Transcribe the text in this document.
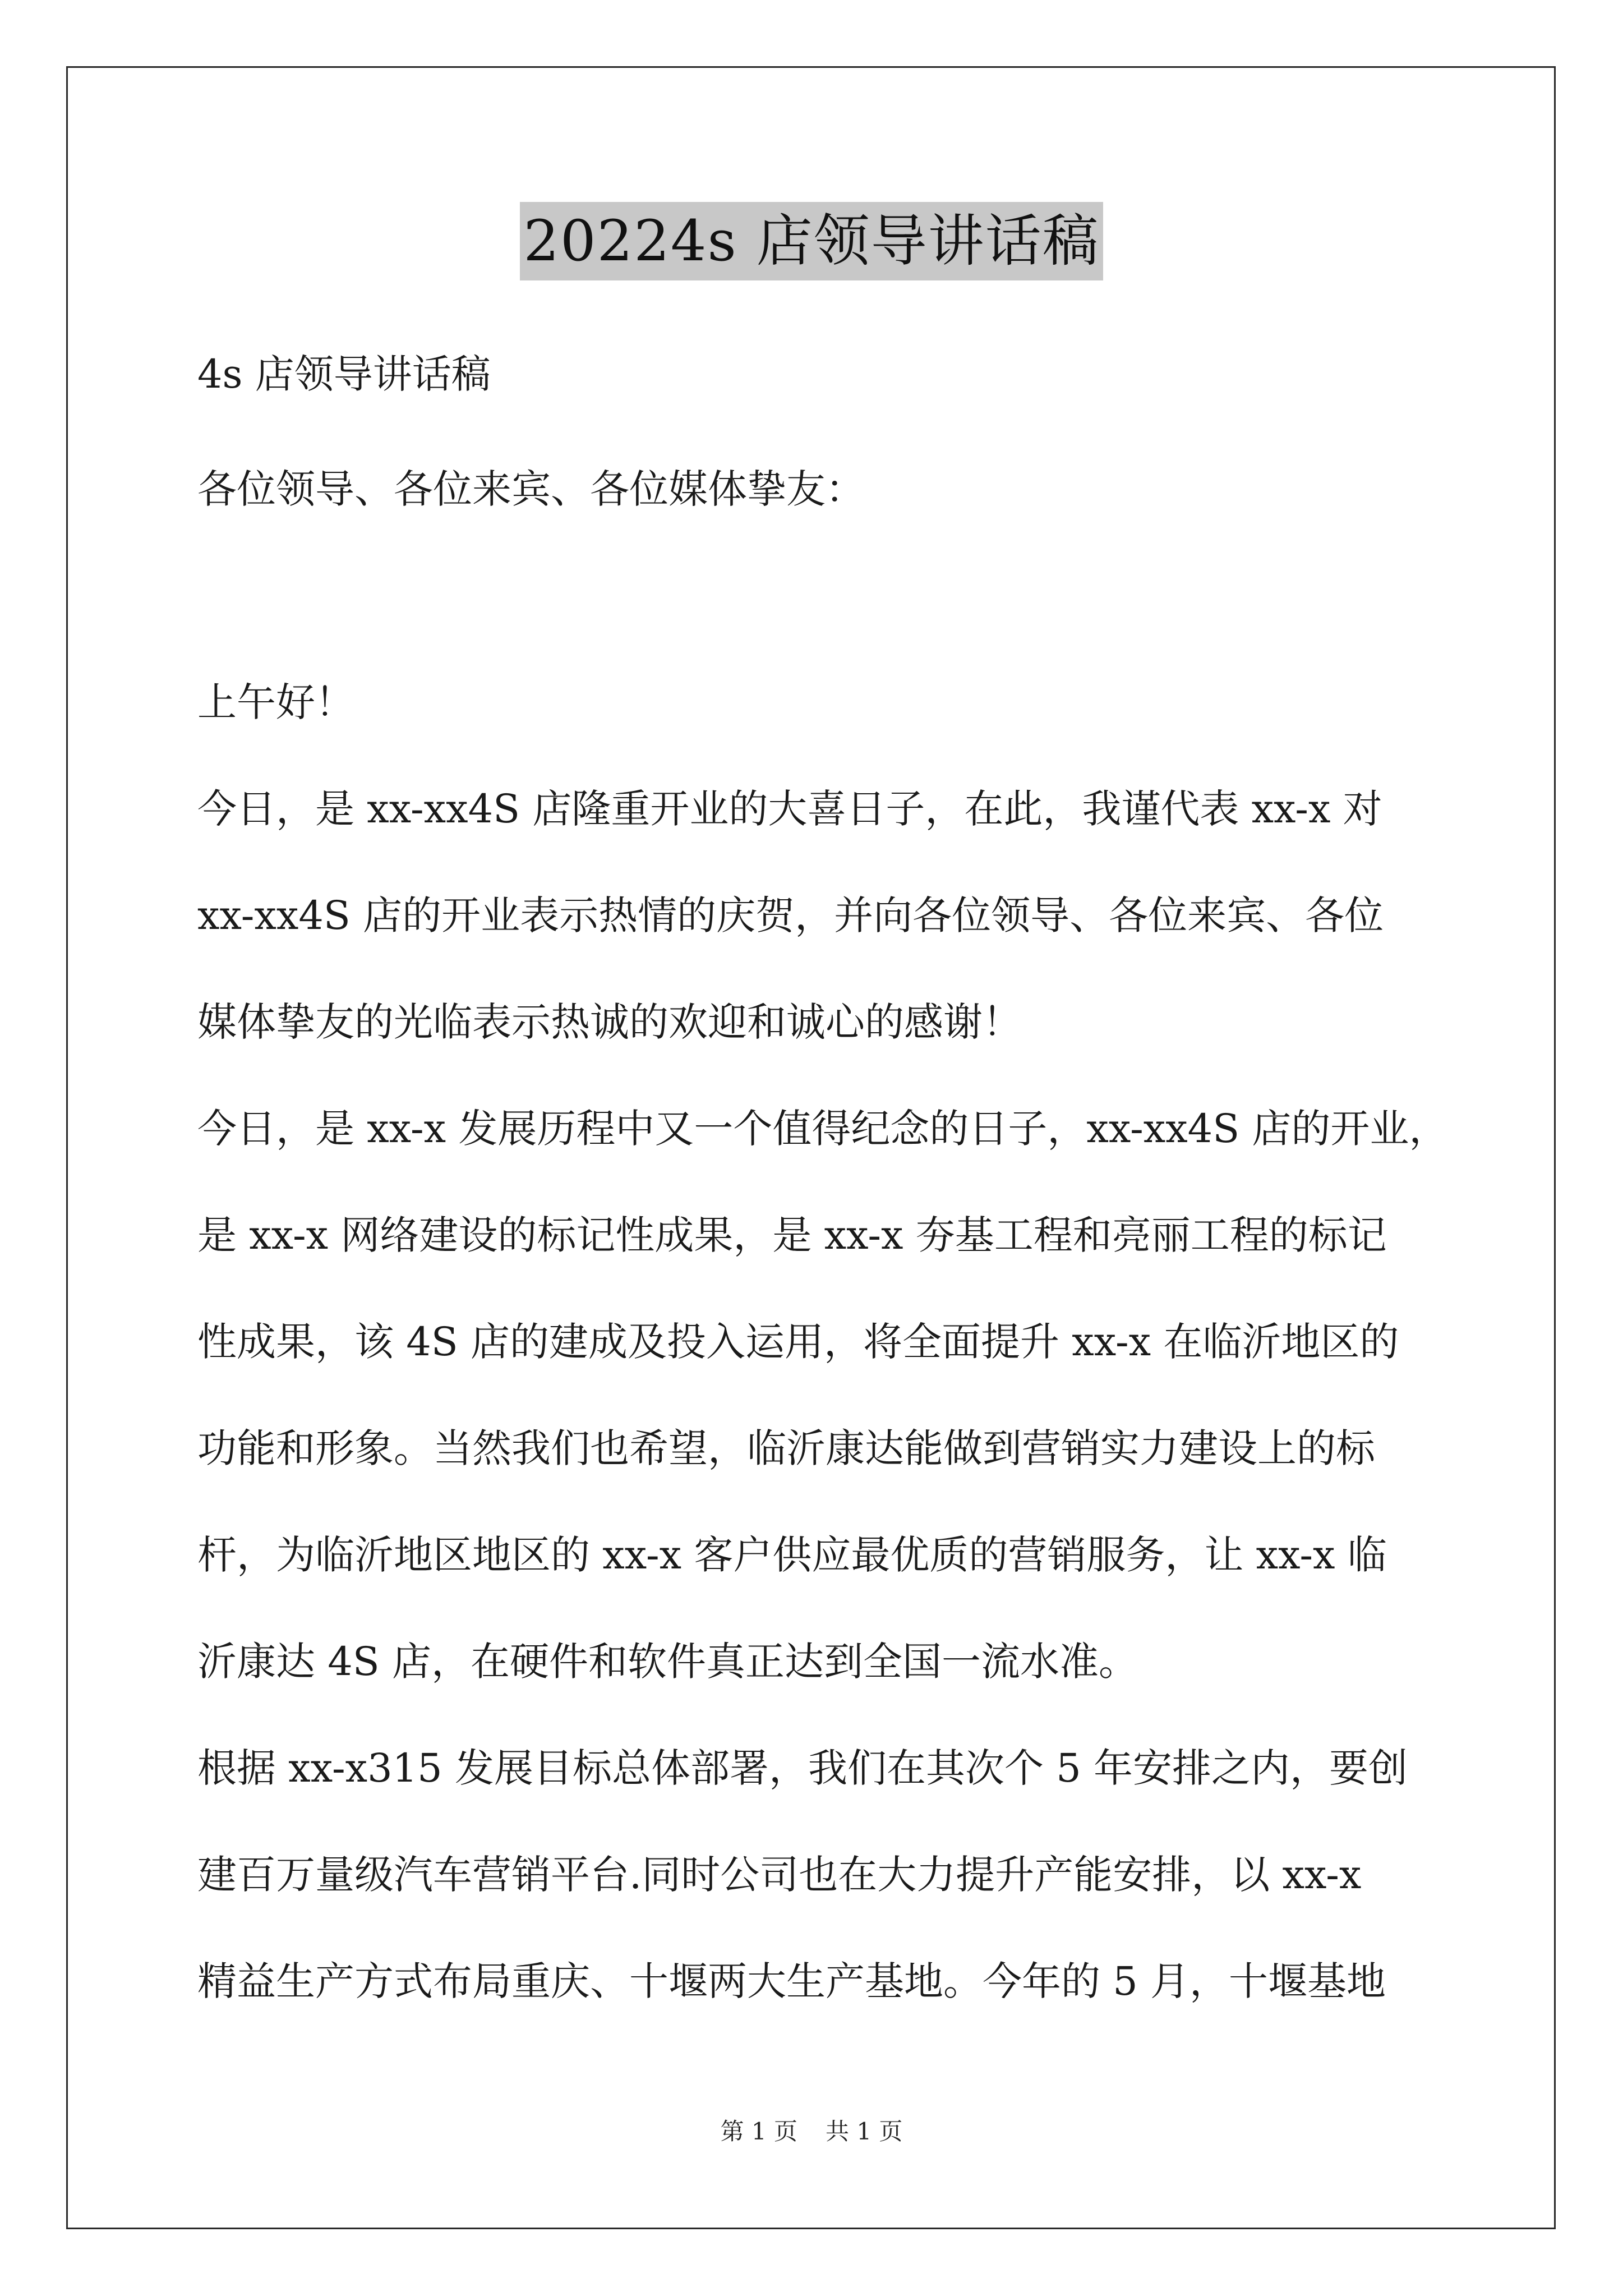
20224s 店领导讲话稿
4s 店领导讲话稿
各位领导、各位来宾、各位媒体挚友：
上午好！
今日，是 xx-xx4S 店隆重开业的大喜日子，在此，我谨代表 xx-x 对
xx-xx4S 店的开业表示热情的庆贺，并向各位领导、各位来宾、各位
媒体挚友的光临表示热诚的欢迎和诚心的感谢！
今日，是 xx-x 发展历程中又一个值得纪念的日子，xx-xx4S 店的开业，
是 xx-x 网络建设的标记性成果，是 xx-x 夯基工程和亮丽工程的标记
性成果，该 4S 店的建成及投入运用，将全面提升 xx-x 在临沂地区的
功能和形象。当然我们也希望，临沂康达能做到营销实力建设上的标
杆，为临沂地区地区的 xx-x 客户供应最优质的营销服务，让 xx-x 临
沂康达 4S 店，在硬件和软件真正达到全国一流水准。
根据 xx-x315 发展目标总体部署，我们在其次个 5 年安排之内，要创
建百万量级汽车营销平台.同时公司也在大力提升产能安排，以 xx-x
精益生产方式布局重庆、十堰两大生产基地。今年的 5 月，十堰基地
第 1 页 共 1 页
